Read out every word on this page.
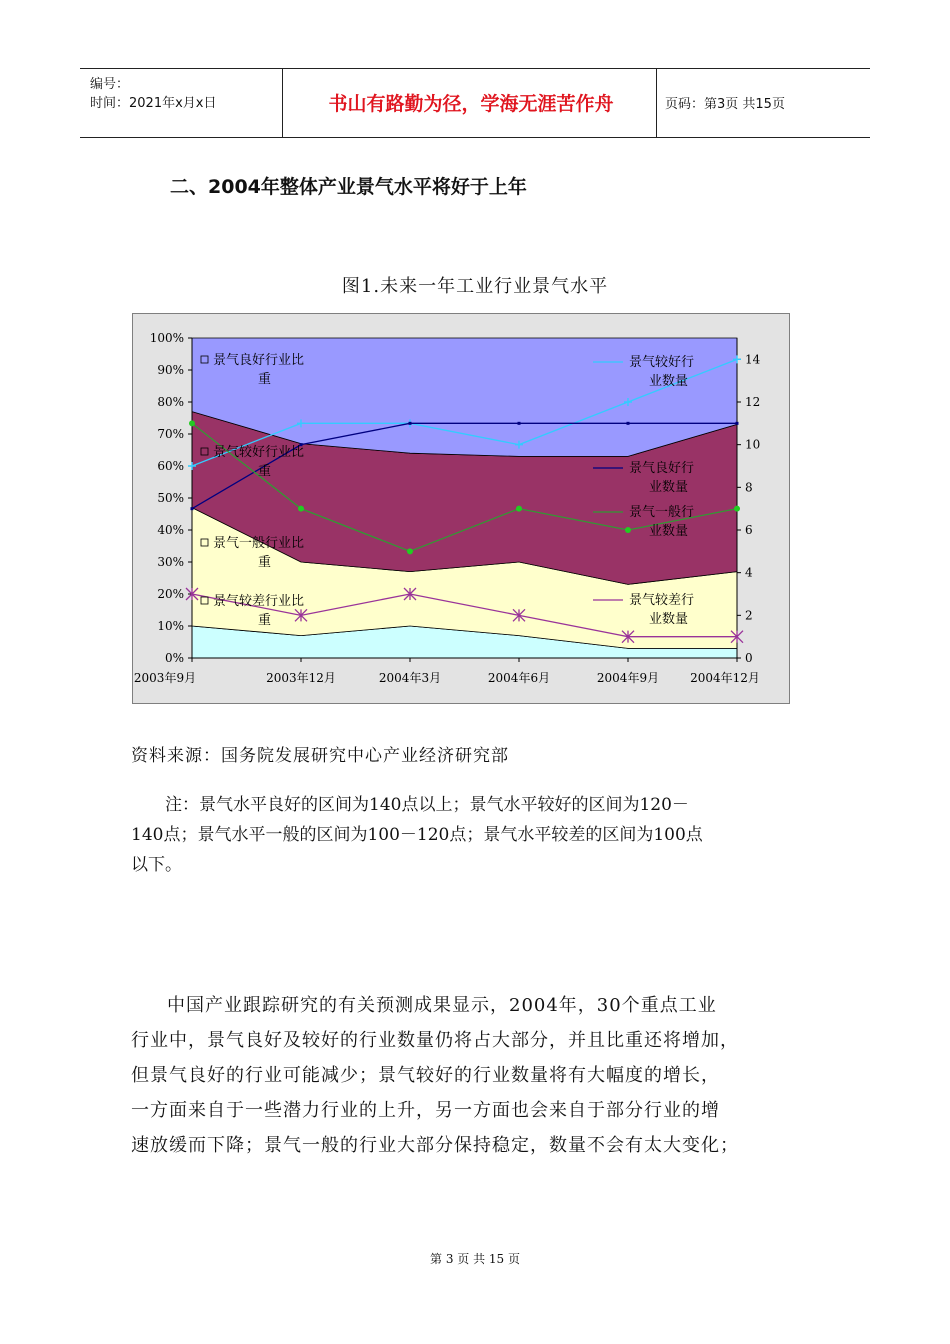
编号：
时间：2021年x月x日	书山有路勤为径，学海无涯苦作舟	页码：第3页 共15页
二、2004年整体产业景气水平将好于上年
图1.未来一年工业行业景气水平
0%
10%
20%
30%
40%
50%
60%
70%
80%
90%
100%
0
2
4
6
8
10
12
14
2003年9月	2003年12月	2004年3月	2004年6月	2004年9月	2004年12月
景气良好行业比
重
景气较好行业比
重
景气一般行业比
重
景气较差行业比
重
景气较好行
业数量
景气良好行
业数量
景气一般行
业数量
景气较差行
业数量
资料来源：国务院发展研究中心产业经济研究部

注：景气水平良好的区间为140点以上；景气水平较好的区间为120－

140点；景气水平一般的区间为100－120点；景气水平较差的区间为100点

以下。

中国产业跟踪研究的有关预测成果显示，2004年，30个重点工业

行业中，景气良好及较好的行业数量仍将占大部分，并且比重还将增加，

但景气良好的行业可能减少；景气较好的行业数量将有大幅度的增长，

一方面来自于一些潜力行业的上升，另一方面也会来自于部分行业的增

速放缓而下降；景气一般的行业大部分保持稳定，数量不会有太大变化；

第 3 页 共 15 页
